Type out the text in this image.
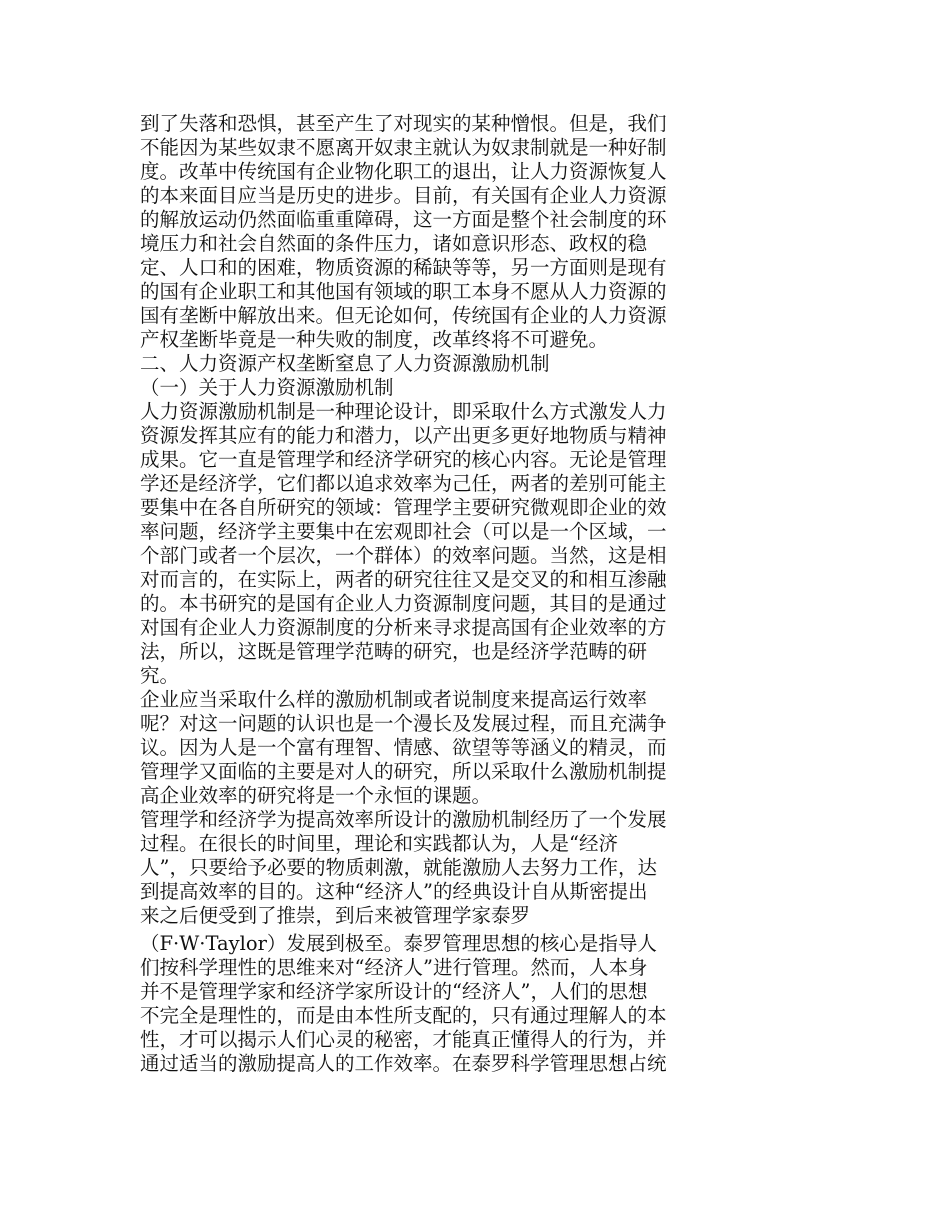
到了失落和恐惧，甚至产生了对现实的某种憎恨。但是，我们
不能因为某些奴隶不愿离开奴隶主就认为奴隶制就是一种好制
度。改革中传统国有企业物化职工的退出，让人力资源恢复人
的本来面目应当是历史的进步。目前，有关国有企业人力资源
的解放运动仍然面临重重障碍，这一方面是整个社会制度的环
境压力和社会自然面的条件压力，诸如意识形态、政权的稳
定、人口和的困难，物质资源的稀缺等等，另一方面则是现有
的国有企业职工和其他国有领域的职工本身不愿从人力资源的
国有垄断中解放出来。但无论如何，传统国有企业的人力资源
产权垄断毕竟是一种失败的制度，改革终将不可避免。
二、人力资源产权垄断窒息了人力资源激励机制
（一）关于人力资源激励机制
人力资源激励机制是一种理论设计，即采取什么方式激发人力
资源发挥其应有的能力和潜力，以产出更多更好地物质与精神
成果。它一直是管理学和经济学研究的核心内容。无论是管理
学还是经济学，它们都以追求效率为己任，两者的差别可能主
要集中在各自所研究的领域：管理学主要研究微观即企业的效
率问题，经济学主要集中在宏观即社会（可以是一个区域，一
个部门或者一个层次，一个群体）的效率问题。当然，这是相
对而言的，在实际上，两者的研究往往又是交叉的和相互渗融
的。本书研究的是国有企业人力资源制度问题，其目的是通过
对国有企业人力资源制度的分析来寻求提高国有企业效率的方
法，所以，这既是管理学范畴的研究，也是经济学范畴的研
究。
企业应当采取什么样的激励机制或者说制度来提高运行效率
呢？对这一问题的认识也是一个漫长及发展过程，而且充满争
议。因为人是一个富有理智、情感、欲望等等涵义的精灵，而
管理学又面临的主要是对人的研究，所以采取什么激励机制提
高企业效率的研究将是一个永恒的课题。
管理学和经济学为提高效率所设计的激励机制经历了一个发展
过程。在很长的时间里，理论和实践都认为，人是“经济
人”，只要给予必要的物质刺激，就能激励人去努力工作，达
到提高效率的目的。这种“经济人”的经典设计自从斯密提出
来之后便受到了推崇，到后来被管理学家泰罗
（F·W·Taylor）发展到极至。泰罗管理思想的核心是指导人
们按科学理性的思维来对“经济人”进行管理。然而，人本身
并不是管理学家和经济学家所设计的“经济人”，人们的思想
不完全是理性的，而是由本性所支配的，只有通过理解人的本
性，才可以揭示人们心灵的秘密，才能真正懂得人的行为，并
通过适当的激励提高人的工作效率。在泰罗科学管理思想占统
